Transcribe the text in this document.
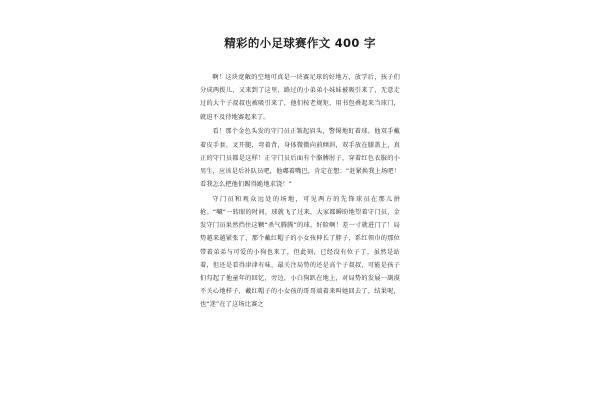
精彩的小足球赛作文 400 字

啊！这块宽敞的空地可真是一块赛足球的好地方，放学后，孩子们分成两拨儿，又来到了这里，路过的小弟弟小妹妹被吸引来了，无意走过的大个子叔叔也被吸引来了，他们按老规矩，用书包叠起来当球门，就迫不及待地赛起来了。

看！那个金色头发的守门员正皱起眉头，警惕地盯着球。他双手戴着皮手套，叉开腿，弯着背，身体微微向前倾斜，双手放在膝盖上，真正的守门员都是这样！正守门员后面有个胳膊肘子，穿着红色衣服的小男生，应该是后补队员吧，他嘟着嘴巴，肯定在想：“赶紧换我上场吧！看我怎么把他们踢得跪地求饶！”

守门员和观众远处的场地，可见两方的先锋球员在那儿拼抢。“唰”一转眼的时间，球就飞了过来，大家都瞬盼地望着守门员，金发守门员果然挡住这颗“杀气腾腾”的球。好险啊！差一寸就进门了！局势越来越紧张了，那个戴红帽子的小女孩伸长了脖子，系红领巾的那位带着弟弟与可爱的小狗也来了，但此刻，已经没有位子了，虽然是站着，但还是看得津津有味，最关注局势的还是高个子叔叔，可能是孩子们勾起了他童年的回忆，旁边，小白狗趴在地上，对局势的发展一副漠不关心地样子，戴红帽子的小女孩的哥哥端着来叫她回去了，结果呢，也“迷”在了这场比赛之
